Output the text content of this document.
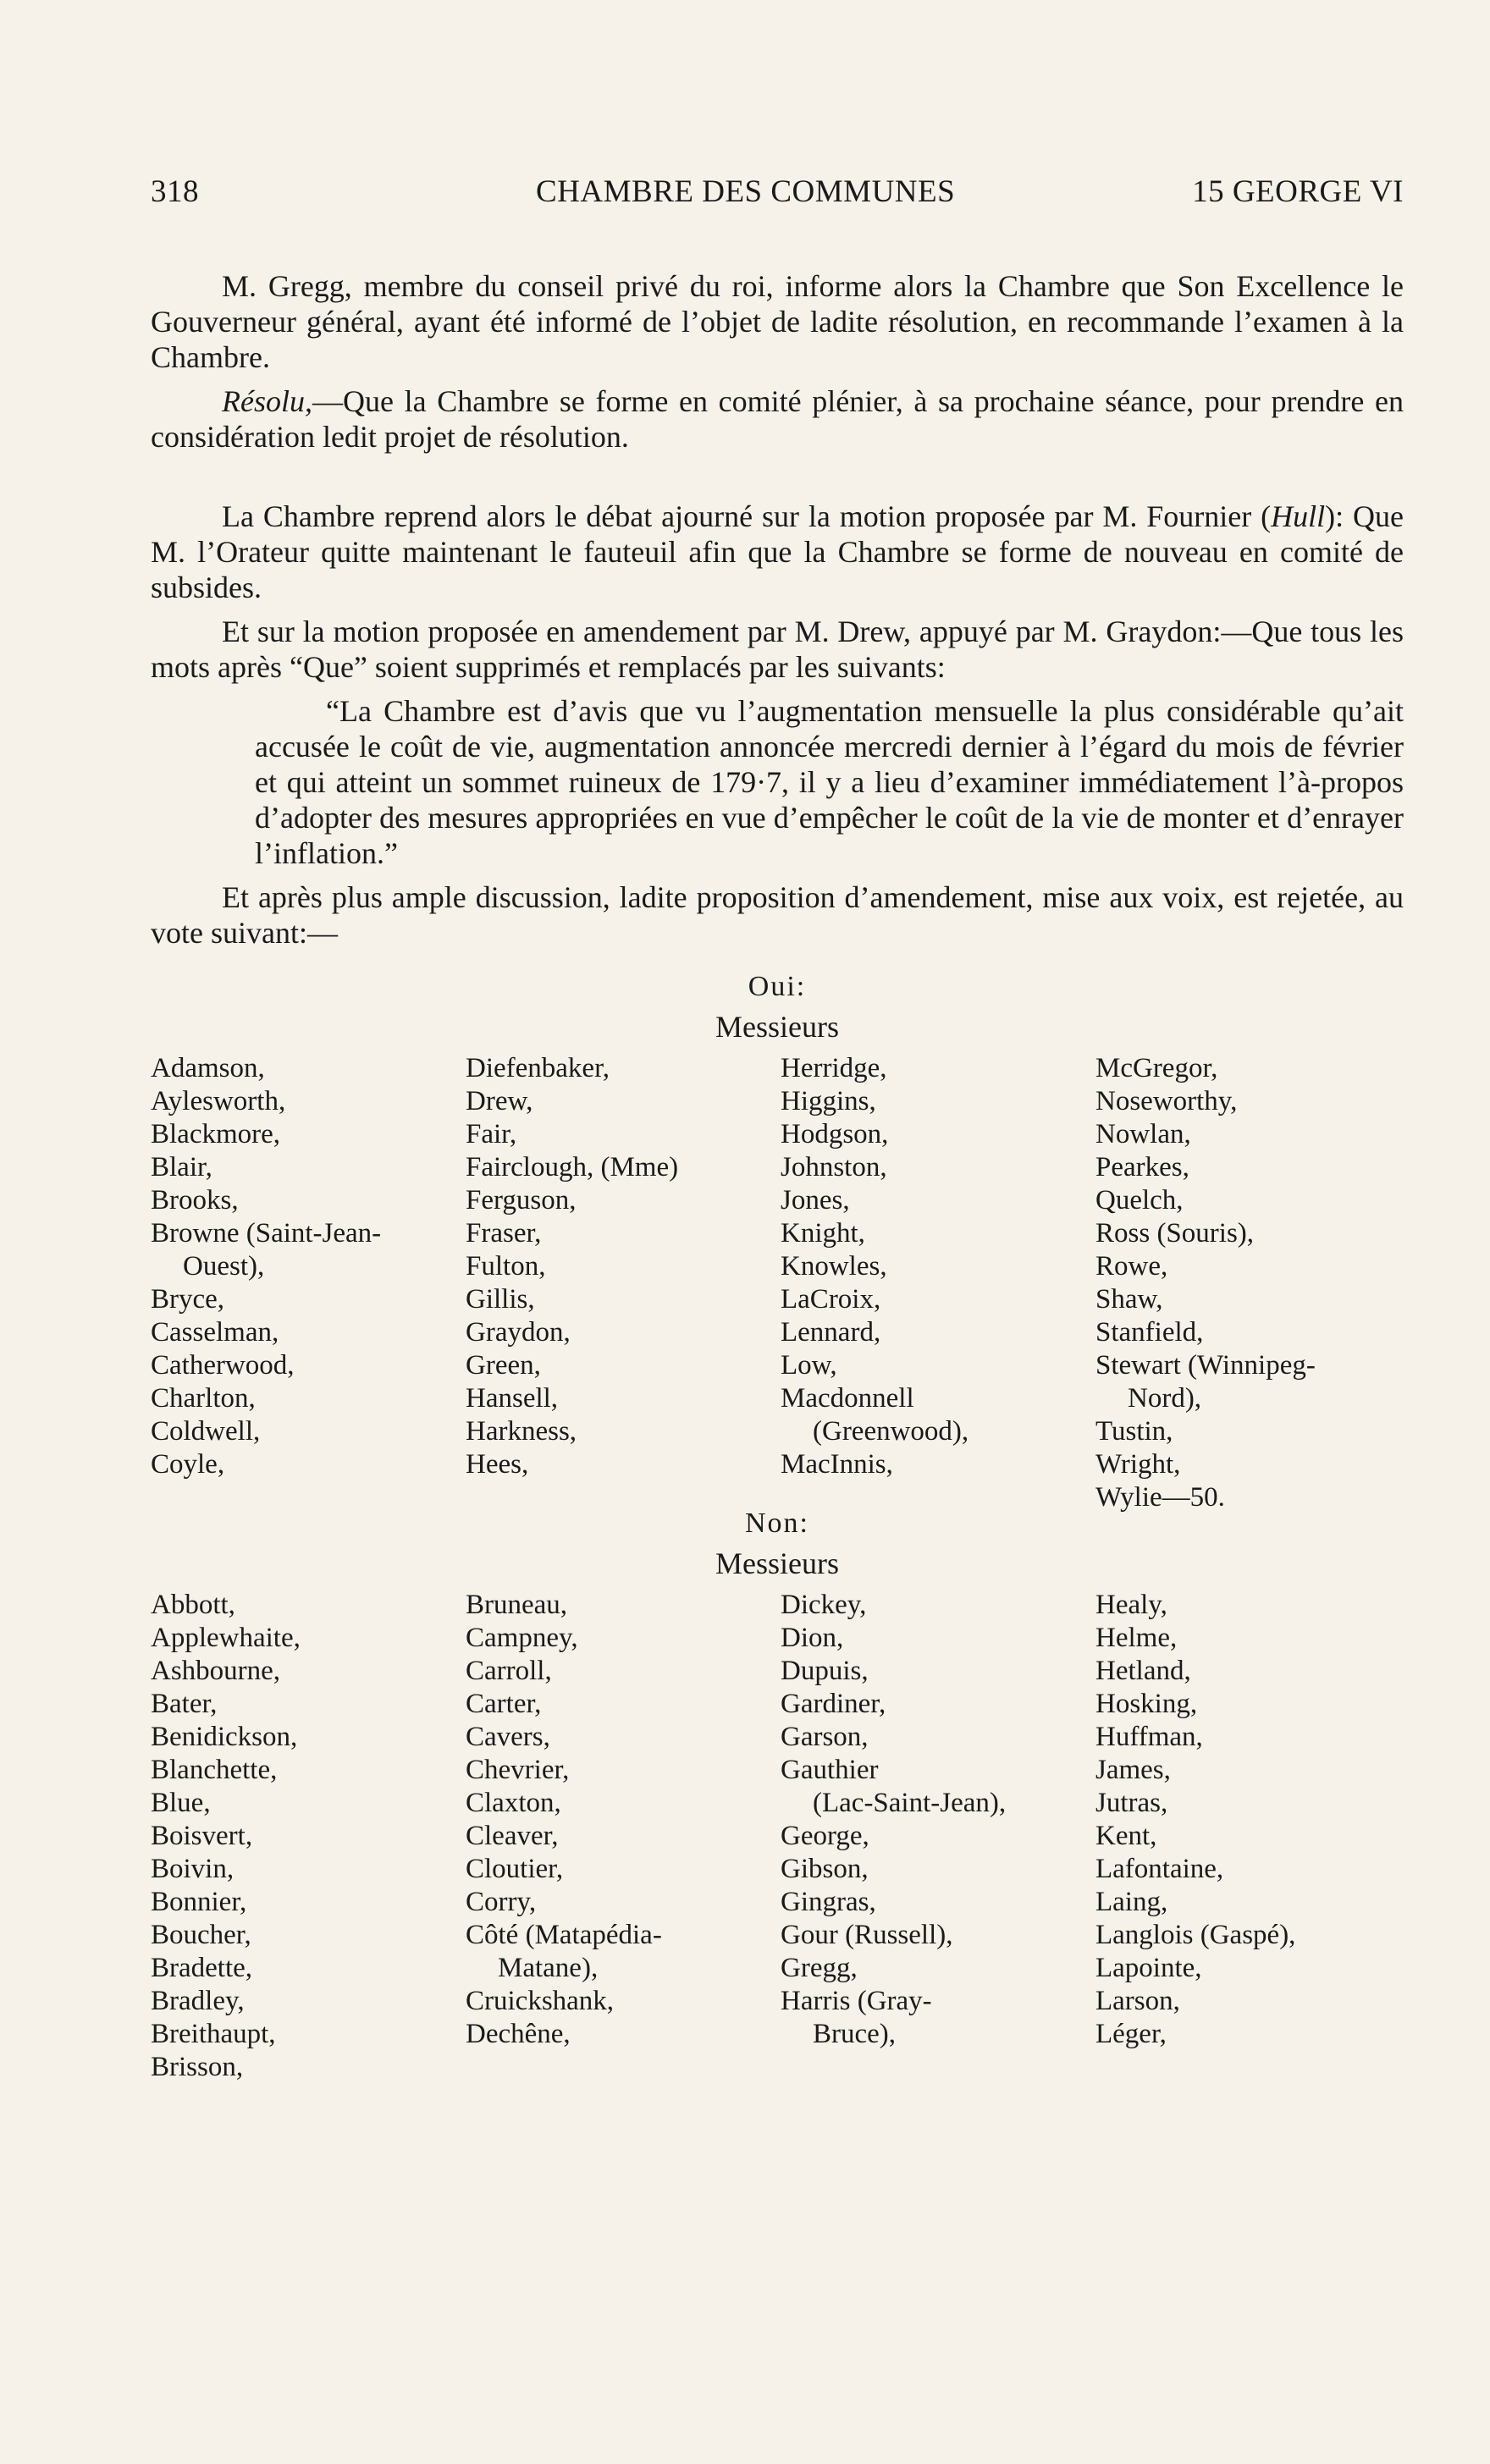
318	CHAMBRE DES COMMUNES	15 GEORGE VI

M. Gregg, membre du conseil privé du roi, informe alors la Chambre que Son Excellence le Gouverneur général, ayant été informé de l’objet de ladite résolution, en recommande l’examen à la Chambre.

Résolu,—Que la Chambre se forme en comité plénier, à sa prochaine séance, pour prendre en considération ledit projet de résolution.

La Chambre reprend alors le débat ajourné sur la motion proposée par M. Fournier (Hull): Que M. l’Orateur quitte maintenant le fauteuil afin que la Chambre se forme de nouveau en comité de subsides.

Et sur la motion proposée en amendement par M. Drew, appuyé par M. Graydon:—Que tous les mots après “Que” soient supprimés et remplacés par les suivants:

“La Chambre est d’avis que vu l’augmentation mensuelle la plus considérable qu’ait accusée le coût de vie, augmentation annoncée mercredi dernier à l’égard du mois de février et qui atteint un sommet ruineux de 179·7, il y a lieu d’examiner immédiatement l’à-propos d’adopter des mesures appropriées en vue d’empêcher le coût de la vie de monter et d’enrayer l’inflation.”

Et après plus ample discussion, ladite proposition d’amendement, mise aux voix, est rejetée, au vote suivant:—

Oui:
Messieurs
Adamson,
Aylesworth,
Blackmore,
Blair,
Brooks,
Browne (Saint-Jean-
Ouest),
Bryce,
Casselman,
Catherwood,
Charlton,
Coldwell,
Coyle,
Diefenbaker,
Drew,
Fair,
Fairclough, (Mme)
Ferguson,
Fraser,
Fulton,
Gillis,
Graydon,
Green,
Hansell,
Harkness,
Hees,
Herridge,
Higgins,
Hodgson,
Johnston,
Jones,
Knight,
Knowles,
LaCroix,
Lennard,
Low,
Macdonnell
(Greenwood),
MacInnis,
McGregor,
Noseworthy,
Nowlan,
Pearkes,
Quelch,
Ross (Souris),
Rowe,
Shaw,
Stanfield,
Stewart (Winnipeg-
Nord),
Tustin,
Wright,
Wylie—50.
Non:
Messieurs
Abbott,
Applewhaite,
Ashbourne,
Bater,
Benidickson,
Blanchette,
Blue,
Boisvert,
Boivin,
Bonnier,
Boucher,
Bradette,
Bradley,
Breithaupt,
Brisson,
Bruneau,
Campney,
Carroll,
Carter,
Cavers,
Chevrier,
Claxton,
Cleaver,
Cloutier,
Corry,
Côté (Matapédia-
Matane),
Cruickshank,
Dechêne,
Dickey,
Dion,
Dupuis,
Gardiner,
Garson,
Gauthier
(Lac-Saint-Jean),
George,
Gibson,
Gingras,
Gour (Russell),
Gregg,
Harris (Gray-
Bruce),
Healy,
Helme,
Hetland,
Hosking,
Huffman,
James,
Jutras,
Kent,
Lafontaine,
Laing,
Langlois (Gaspé),
Lapointe,
Larson,
Léger,
